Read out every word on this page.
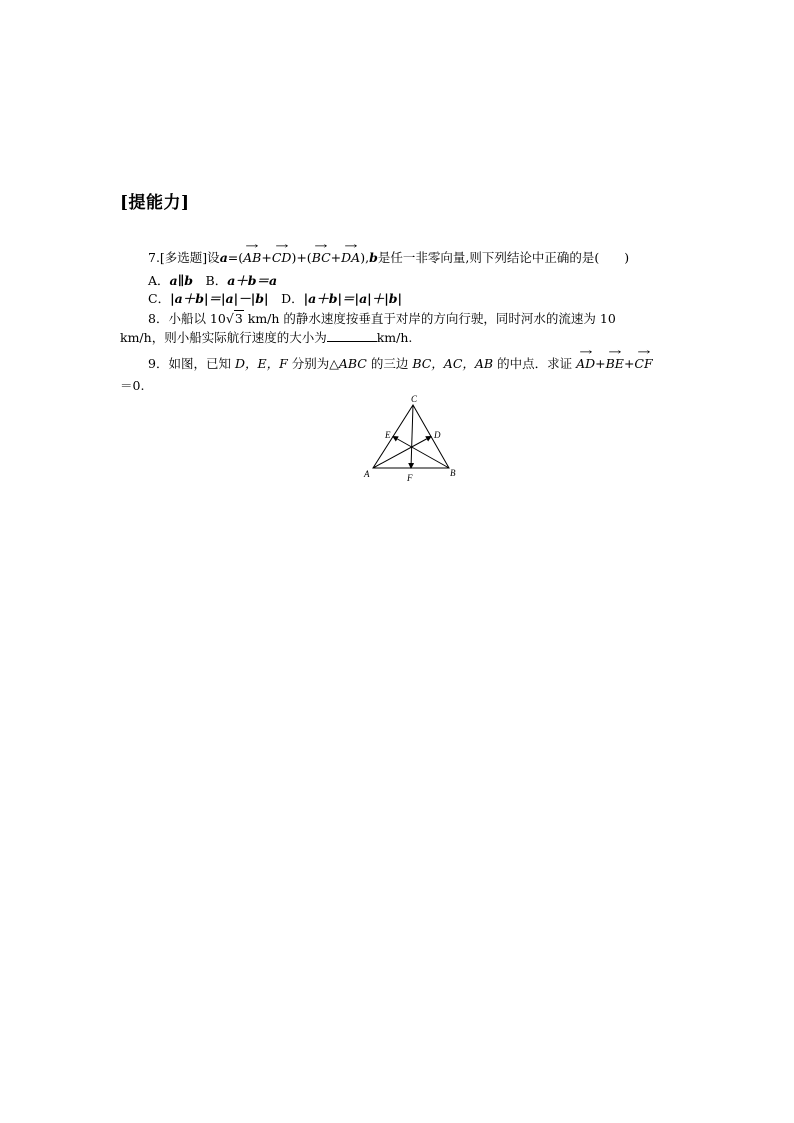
[提能力]
7.[多选题]设a=(→ AB+→ CD)+(→ BC+→ DA),b是任一非零向量,则下列结论中正确的是(　　)
A．a∥b　 B．a＋b＝a
C．|a＋b|＝|a|－|b|　 D．|a＋b|＝|a|＋|b|
8．小船以 10√3 km/h 的静水速度按垂直于对岸的方向行驶，同时河水的流速为 10
km/h，则小船实际航行速度的大小为	km/h.
9．如图，已知 D，E，F 分别为△ABC 的三边 BC，AC，AB 的中点．求证 → AD+→ BE+→ CF
＝0.
C
A	B
E	D
F
